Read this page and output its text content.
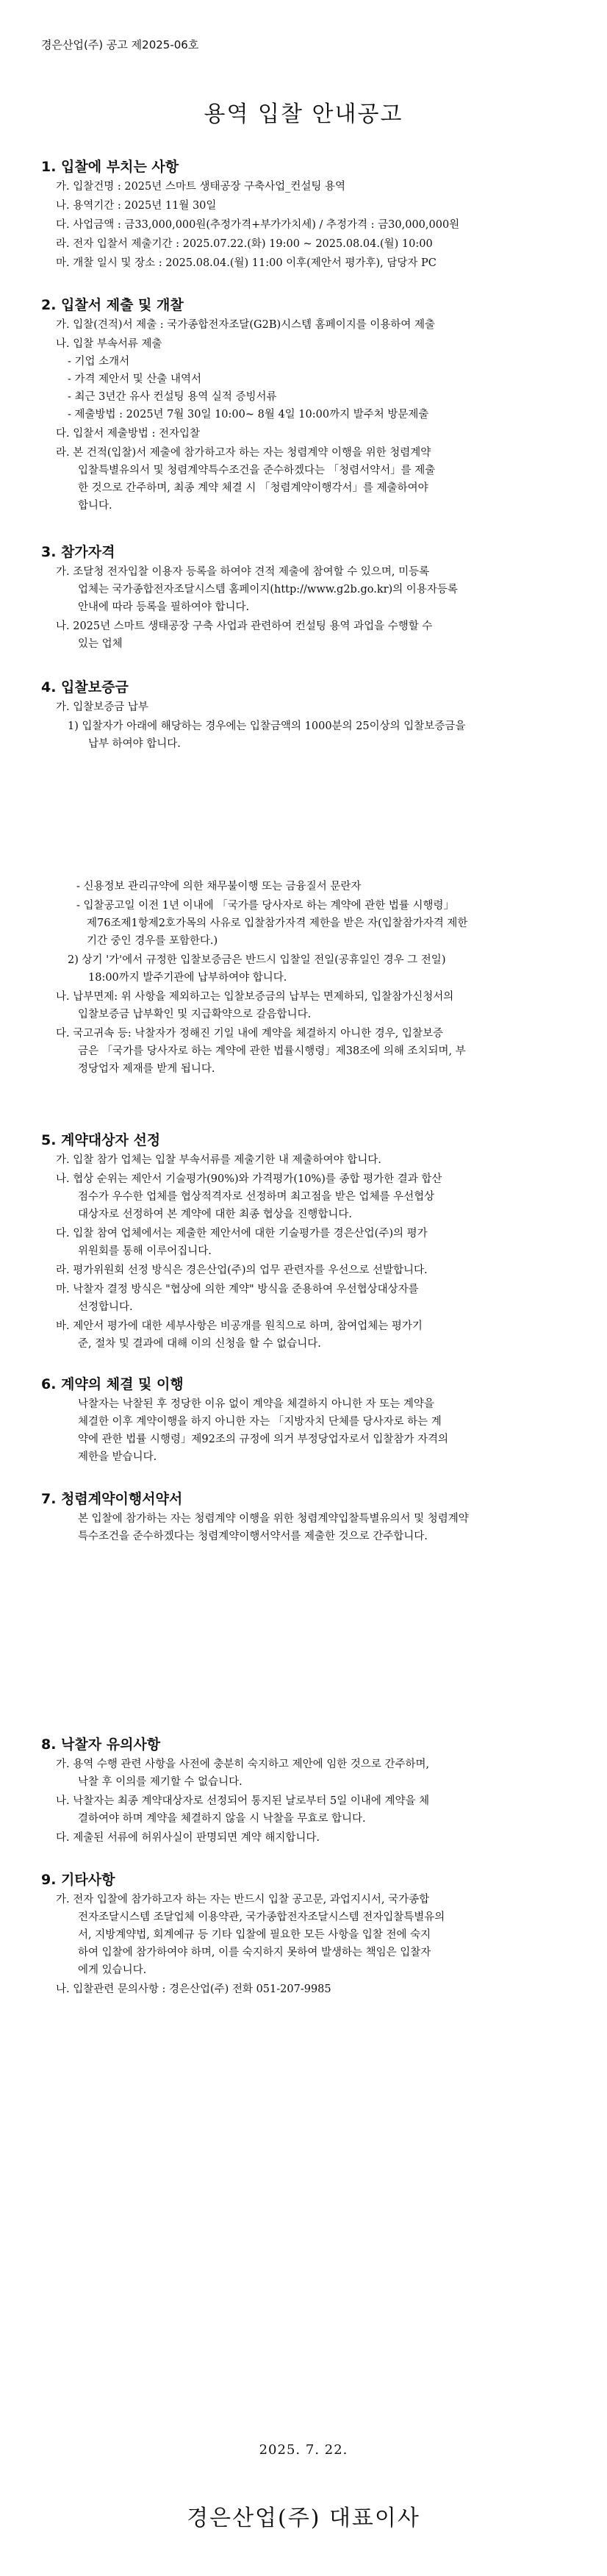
경은산업(주) 공고 제2025-06호
용역 입찰 안내공고
1. 입찰에 부치는 사항
가. 입찰건명 : 2025년 스마트 생태공장 구축사업_컨설팅 용역
나. 용역기간 : 2025년 11월 30일
다. 사업금액 : 금33,000,000원(추정가격+부가가치세) / 추정가격 : 금30,000,000원
라. 전자 입찰서 제출기간 : 2025.07.22.(화) 19:00 ~ 2025.08.04.(월) 10:00
마. 개찰 일시 및 장소 : 2025.08.04.(월) 11:00 이후(제안서 평가후), 담당자 PC
2. 입찰서 제출 및 개찰
가. 입찰(견적)서 제출 : 국가종합전자조달(G2B)시스템 홈페이지를 이용하여 제출
나. 입찰 부속서류 제출
- 기업 소개서
- 가격 제안서 및 산출 내역서
- 최근 3년간 유사 컨설팅 용역 실적 증빙서류
- 제출방법 : 2025년 7월 30일 10:00~ 8월 4일 10:00까지 발주처 방문제출
다. 입찰서 제출방법 : 전자입찰
라. 본 건적(입찰)서 제출에 참가하고자 하는 자는 청렴계약 이행을 위한 청렴계약
입찰특별유의서 및 청렴계약특수조건을 준수하겠다는 「청렴서약서」를 제출
한 것으로 간주하며, 최종 계약 체결 시 「청렴계약이행각서」를 제출하여야
합니다.
3. 참가자격
가. 조달청 전자입찰 이용자 등록을 하여야 견적 제출에 참여할 수 있으며, 미등록
업체는 국가종합전자조달시스템 홈페이지(http://www.g2b.go.kr)의 이용자등록
안내에 따라 등록을 필하여야 합니다.
나. 2025년 스마트 생태공장 구축 사업과 관련하여 컨설팅 용역 과업을 수행할 수
있는 업체
4. 입찰보증금
가. 입찰보증금 납부
1) 입찰자가 아래에 해당하는 경우에는 입찰금액의 1000분의 25이상의 입찰보증금을
납부 하여야 합니다.
- 신용정보 관리규약에 의한 채무불이행 또는 금융질서 문란자
- 입찰공고일 이전 1년 이내에 「국가를 당사자로 하는 계약에 관한 법률 시행령」
제76조제1항제2호가목의 사유로 입찰참가자격 제한을 받은 자(입찰참가자격 제한
기간 중인 경우를 포함한다.)
2) 상기 '가'에서 규정한 입찰보증금은 반드시 입찰일 전일(공휴일인 경우 그 전일)
18:00까지 발주기관에 납부하여야 합니다.
나. 납부면제: 위 사항을 제외하고는 입찰보증금의 납부는 면제하되, 입찰참가신청서의
입찰보증금 납부확인 및 지급확약으로 갈음합니다.
다. 국고귀속 등: 낙찰자가 정해진 기일 내에 계약을 체결하지 아니한 경우, 입찰보증
금은 「국가를 당사자로 하는 계약에 관한 법률시행령」제38조에 의해 조치되며, 부
정당업자 제재를 받게 됩니다.
5. 계약대상자 선정
가. 입찰 참가 업체는 입찰 부속서류를 제출기한 내 제출하여야 합니다.
나. 협상 순위는 제안서 기술평가(90%)와 가격평가(10%)를 종합 평가한 결과 합산
점수가 우수한 업체를 협상적격자로 선정하며 최고점을 받은 업체를 우선협상
대상자로 선정하여 본 계약에 대한 최종 협상을 진행합니다.
다. 입찰 참여 업체에서는 제출한 제안서에 대한 기술평가를 경은산업(주)의 평가
위원회를 통해 이루어집니다.
라. 평가위원회 선정 방식은 경은산업(주)의 업무 관련자를 우선으로 선발합니다.
마. 낙찰자 결정 방식은 "협상에 의한 계약" 방식을 준용하여 우선협상대상자를
선정합니다.
바. 제안서 평가에 대한 세부사항은 비공개를 원칙으로 하며, 참여업체는 평가기
준, 절차 및 결과에 대해 이의 신청을 할 수 없습니다.
6. 계약의 체결 및 이행
낙찰자는 낙찰된 후 정당한 이유 없이 계약을 체결하지 아니한 자 또는 계약을
체결한 이후 계약이행을 하지 아니한 자는 「지방자치 단체를 당사자로 하는 계
약에 관한 법률 시행령」제92조의 규정에 의거 부정당업자로서 입찰참가 자격의
제한을 받습니다.
7. 청렴계약이행서약서
본 입찰에 참가하는 자는 청렴계약 이행을 위한 청렴계약입찰특별유의서 및 청렴계약
특수조건을 준수하겠다는 청렴계약이행서약서를 제출한 것으로 간주합니다.
8. 낙찰자 유의사항
가. 용역 수행 관련 사항을 사전에 충분히 숙지하고 제안에 임한 것으로 간주하며,
낙찰 후 이의를 제기할 수 없습니다.
나. 낙찰자는 최종 계약대상자로 선정되어 통지된 날로부터 5일 이내에 계약을 체
결하여야 하며 계약을 체결하지 않을 시 낙찰을 무효로 합니다.
다. 제출된 서류에 허위사실이 판명되면 계약 해지합니다.
9. 기타사항
가. 전자 입찰에 참가하고자 하는 자는 반드시 입찰 공고문, 과업지시서, 국가종합
전자조달시스템 조달업체 이용약관, 국가종합전자조달시스템 전자입찰특별유의
서, 지방계약법, 회계예규 등 기타 입찰에 필요한 모든 사항을 입찰 전에 숙지
하여 입찰에 참가하여야 하며, 이를 숙지하지 못하여 발생하는 책임은 입찰자
에게 있습니다.
나. 입찰관련 문의사항 : 경은산업(주) 전화 051-207-9985
2025. 7. 22.
경은산업(주) 대표이사
